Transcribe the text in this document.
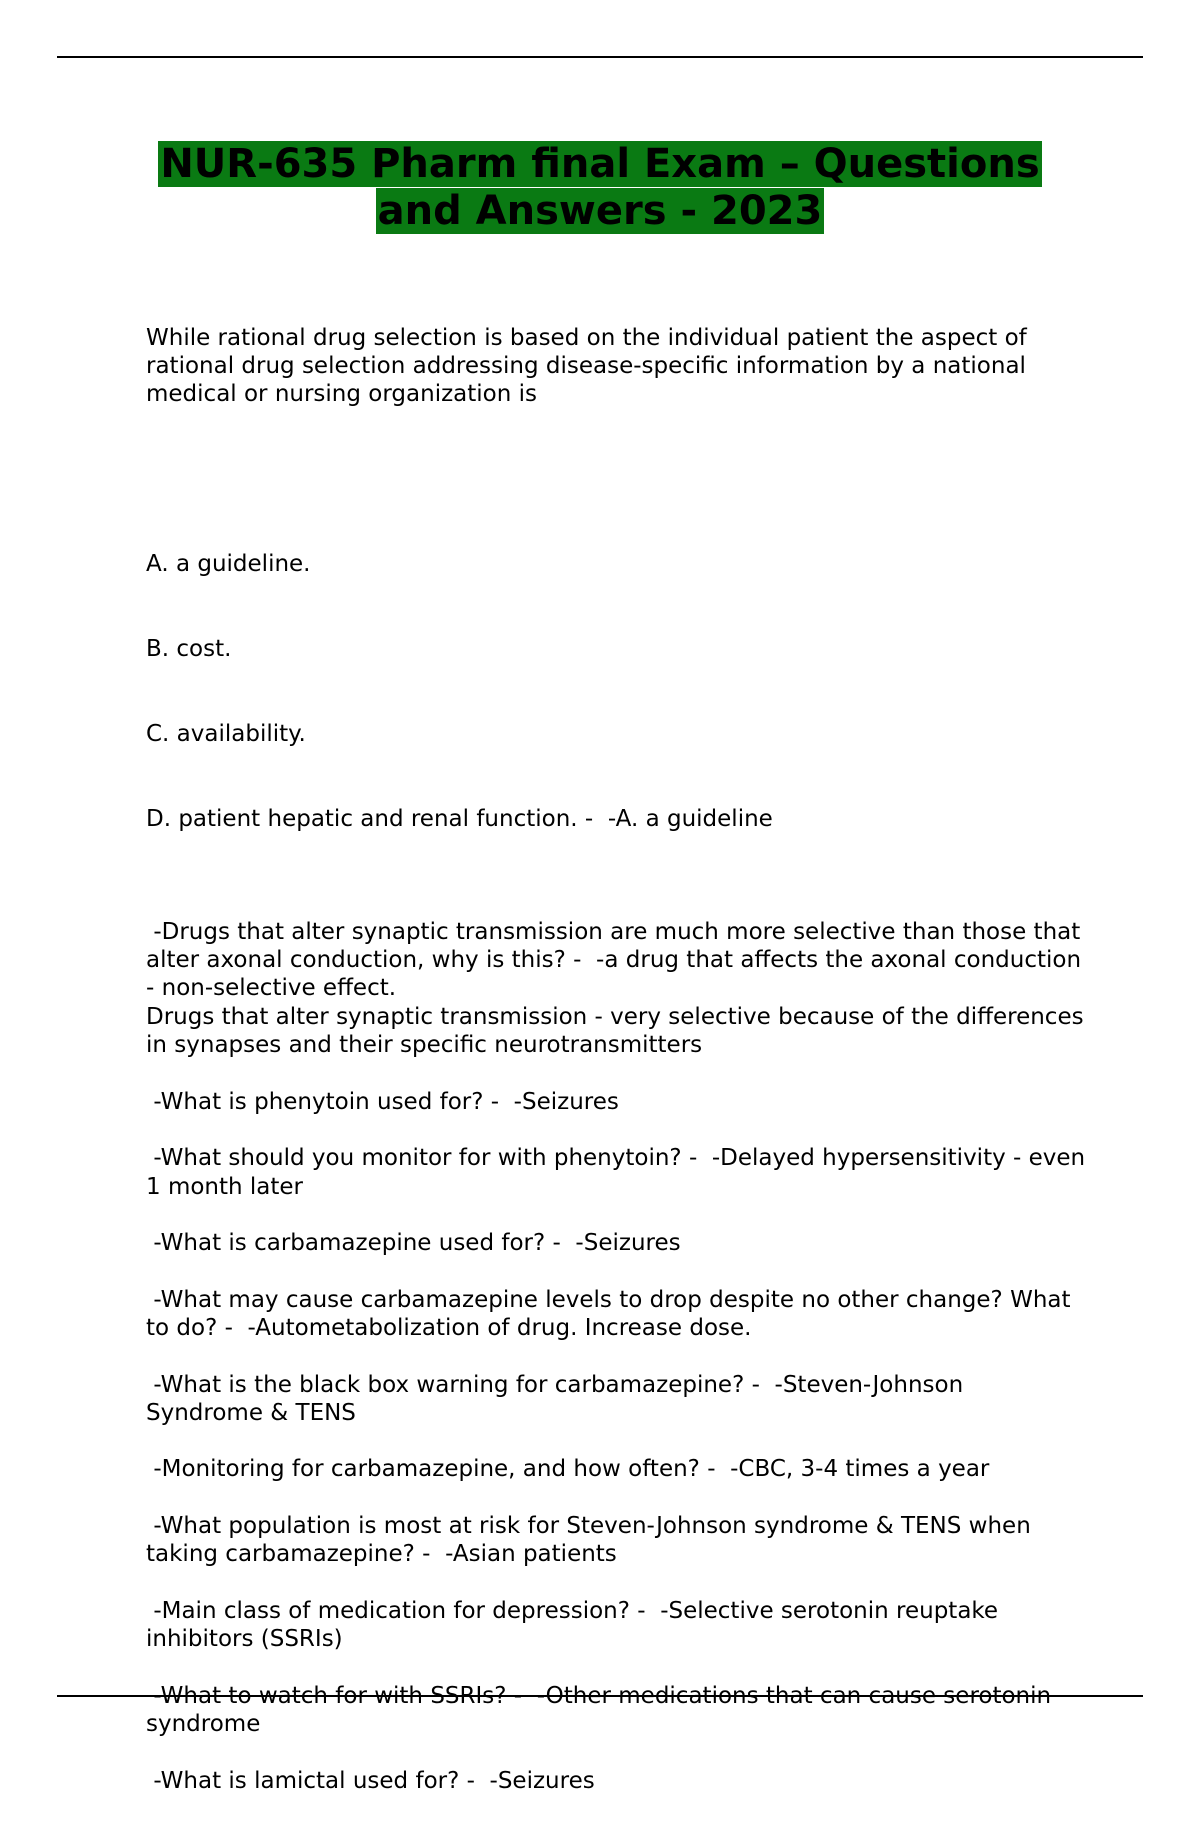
NUR-635 Pharm final Exam – Questions
and Answers - 2023

While rational drug selection is based on the individual patient the aspect of rational drug selection addressing disease-specific information by a national medical or nursing organization is

A. a guideline.

B. cost.

C. availability.

D. patient hepatic and renal function. -  -A. a guideline

-Drugs that alter synaptic transmission are much more selective than those that alter axonal conduction, why is this? -  -a drug that affects the axonal conduction - non-selective effect.
Drugs that alter synaptic transmission - very selective because of the differences in synapses and their specific neurotransmitters
-What is phenytoin used for? -  -Seizures
-What should you monitor for with phenytoin? -  -Delayed hypersensitivity - even 1 month later
-What is carbamazepine used for? -  -Seizures
-What may cause carbamazepine levels to drop despite no other change? What to do? -  -Autometabolization of drug. Increase dose.
-What is the black box warning for carbamazepine? -  -Steven-Johnson Syndrome & TENS
-Monitoring for carbamazepine, and how often? -  -CBC, 3-4 times a year
-What population is most at risk for Steven-Johnson syndrome & TENS when taking carbamazepine? -  -Asian patients
-Main class of medication for depression? -  -Selective serotonin reuptake inhibitors (SSRIs)
-What to watch for with SSRIs? -  -Other medications that can cause serotonin syndrome
-What is lamictal used for? -  -Seizures
